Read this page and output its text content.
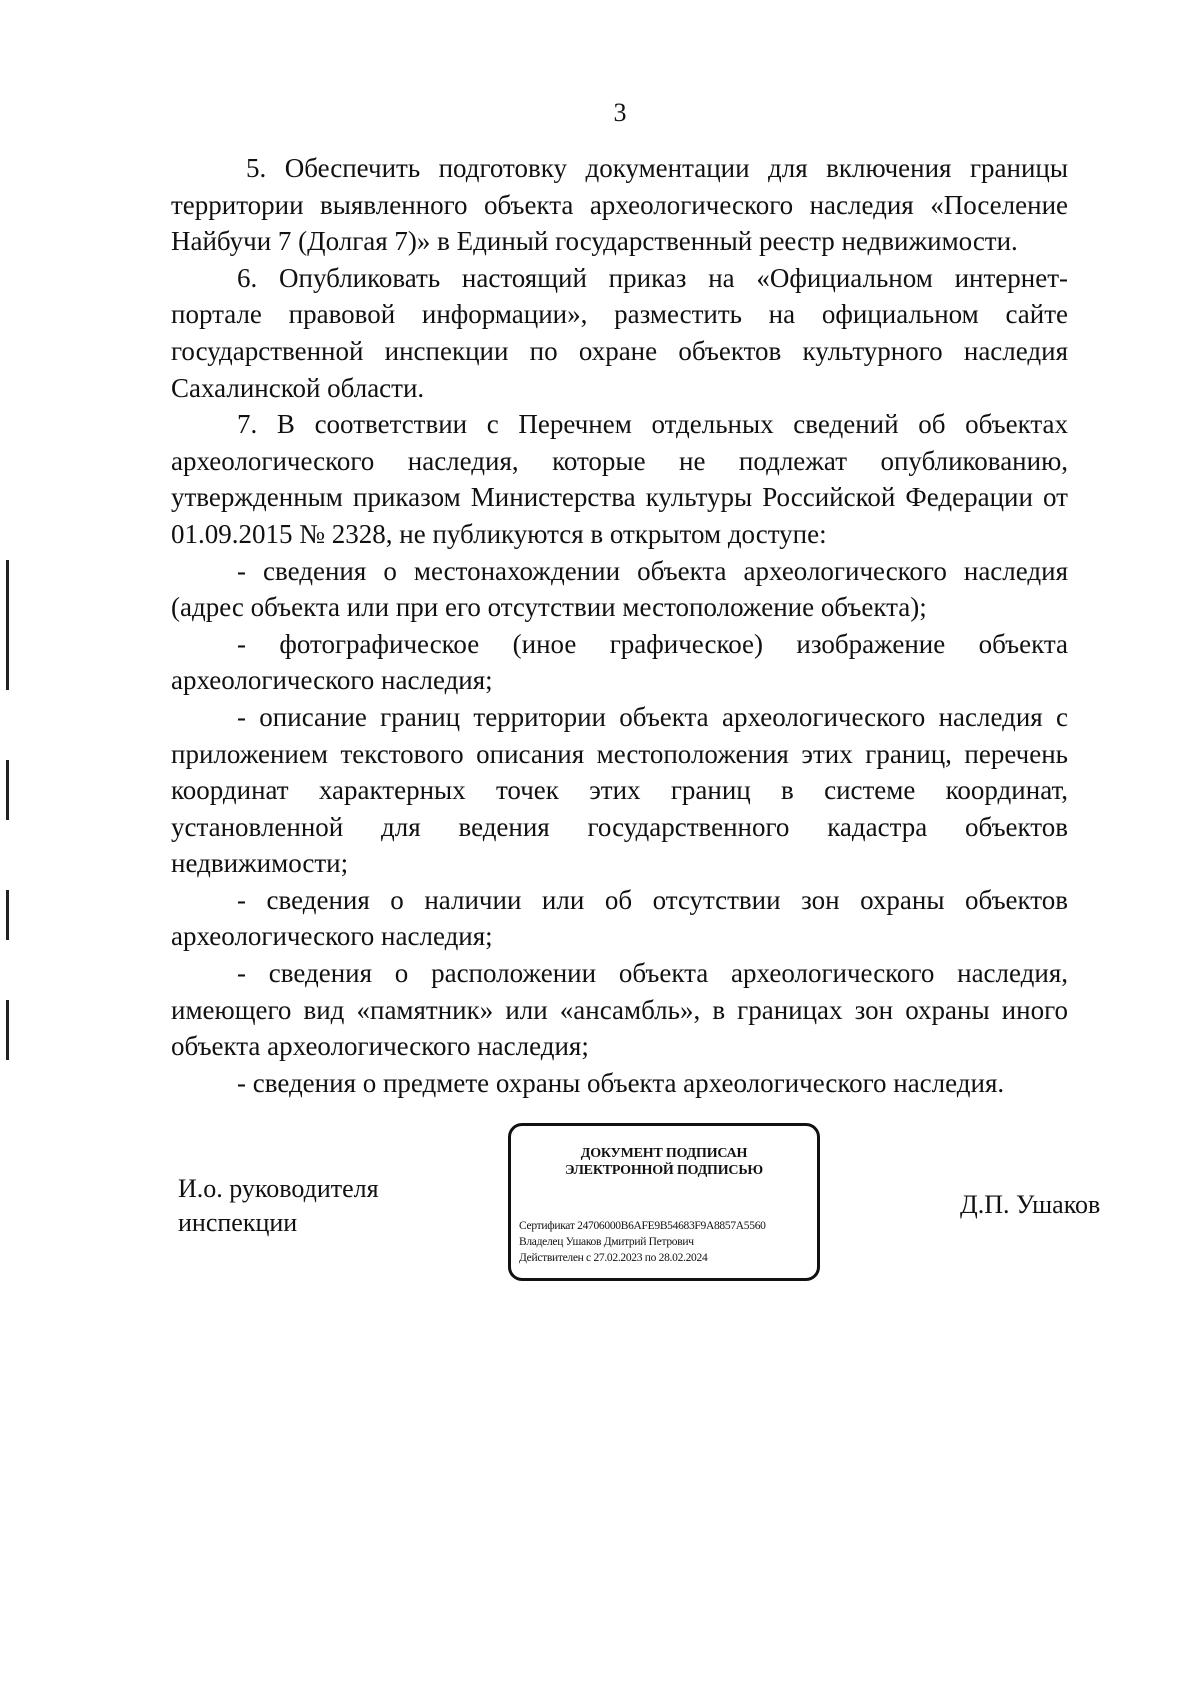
3

5. Обеспечить подготовку документации для включения границы территории выявленного объекта археологического наследия «Поселение Найбучи 7 (Долгая 7)» в Единый государственный реестр недвижимости.

6. Опубликовать настоящий приказ на «Официальном интернет-портале правовой информации», разместить на официальном сайте государственной инспекции по охране объектов культурного наследия Сахалинской области.

7. В соответствии с Перечнем отдельных сведений об объектах археологического наследия, которые не подлежат опубликованию, утвержденным приказом Министерства культуры Российской Федерации от 01.09.2015 № 2328, не публикуются в открытом доступе:

- сведения о местонахождении объекта археологического наследия (адрес объекта или при его отсутствии местоположение объекта);

- фотографическое (иное графическое) изображение объекта археологического наследия;

- описание границ территории объекта археологического наследия с приложением текстового описания местоположения этих границ, перечень координат характерных точек этих границ в системе координат, установленной для ведения государственного кадастра объектов недвижимости;

- сведения о наличии или об отсутствии зон охраны объектов археологического наследия;

- сведения о расположении объекта археологического наследия, имеющего вид «памятник» или «ансамбль», в границах зон охраны иного объекта археологического наследия;

- сведения о предмете охраны объекта археологического наследия.

И.о. руководителя
инспекции
ДОКУМЕНТ ПОДПИСАН
ЭЛЕКТРОННОЙ ПОДПИСЬЮ
Сертификат 24706000B6AFE9B54683F9A8857A5560
Владелец Ушаков Дмитрий Петрович
Действителен с 27.02.2023 по 28.02.2024
Д.П. Ушаков
